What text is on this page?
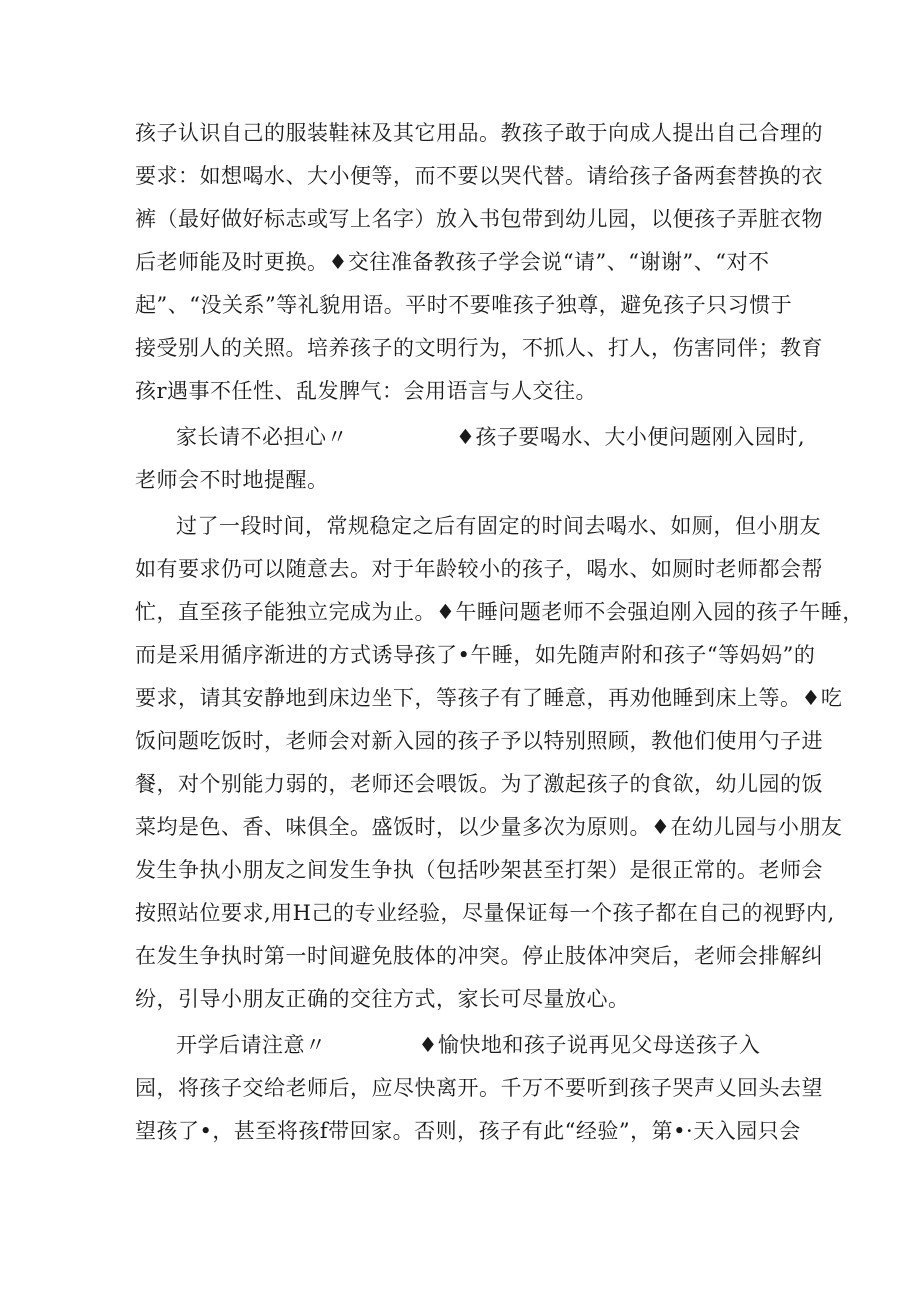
孩子认识自己的服装鞋袜及其它用品。教孩子敢于向成人提出自己合理的
要求：如想喝水、大小便等，而不要以哭代替。请给孩子备两套替换的衣
裤（最好做好标志或写上名字）放入书包带到幼儿园，以便孩子弄脏衣物
后老师能及时更换。♦交往准备教孩子学会说“请”、“谢谢”、“对不
起”、“没关系”等礼貌用语。平时不要唯孩子独尊，避免孩子只习惯于
接受别人的关照。培养孩子的文明行为，不抓人、打人，伤害同伴；教育
孩r遇事不任性、乱发脾气：会用语言与人交往。
家长请不必担心〃	♦孩子要喝水、大小便问题刚入园时,
老师会不时地提醒。
过了一段时间，常规稳定之后有固定的时间去喝水、如厕，但小朋友
如有要求仍可以随意去。对于年龄较小的孩子，喝水、如厕时老师都会帮
忙，直至孩子能独立完成为止。♦午睡问题老师不会强迫刚入园的孩子午睡，
而是采用循序渐进的方式诱导孩了•午睡，如先随声附和孩子“等妈妈”的
要求，请其安静地到床边坐下，等孩子有了睡意，再劝他睡到床上等。♦吃
饭问题吃饭时，老师会对新入园的孩子予以特别照顾，教他们使用勺子进
餐，对个别能力弱的，老师还会喂饭。为了激起孩子的食欲，幼儿园的饭
菜均是色、香、味俱全。盛饭时，以少量多次为原则。♦在幼儿园与小朋友
发生争执小朋友之间发生争执（包括吵架甚至打架）是很正常的。老师会
按照站位要求,用H己的专业经验，尽量保证每一个孩子都在自己的视野内,
在发生争执时第一时间避免肢体的冲突。停止肢体冲突后，老师会排解纠
纷，引导小朋友正确的交往方式，家长可尽量放心。
开学后请注意〃	♦愉快地和孩子说再见父母送孩子入
园，将孩子交给老师后，应尽快离开。千万不要听到孩子哭声乂回头去望
望孩了•，甚至将孩f带回家。否则，孩子有此“经验”，第•·天入园只会
